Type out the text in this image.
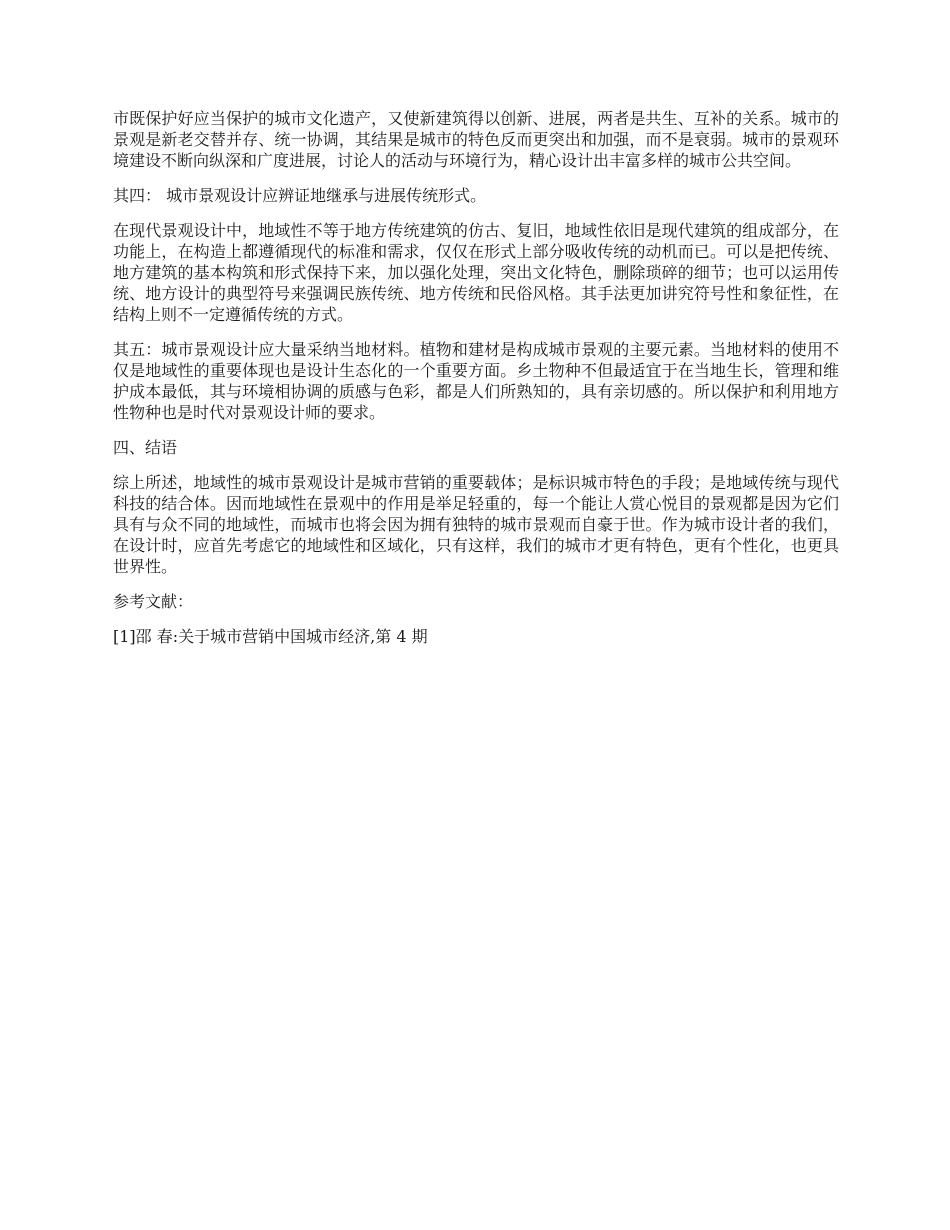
市既保护好应当保护的城市文化遗产，又使新建筑得以创新、进展，两者是共生、互补的关系。城市的景观是新老交替并存、统一协调，其结果是城市的特色反而更突出和加强，而不是衰弱。城市的景观环境建设不断向纵深和广度进展，讨论人的活动与环境行为，精心设计出丰富多样的城市公共空间。

其四： 城市景观设计应辨证地继承与进展传统形式。

在现代景观设计中，地域性不等于地方传统建筑的仿古、复旧，地域性依旧是现代建筑的组成部分，在功能上，在构造上都遵循现代的标准和需求，仅仅在形式上部分吸收传统的动机而已。可以是把传统、地方建筑的基本构筑和形式保持下来，加以强化处理，突出文化特色，删除琐碎的细节；也可以运用传统、地方设计的典型符号来强调民族传统、地方传统和民俗风格。其手法更加讲究符号性和象征性，在结构上则不一定遵循传统的方式。

其五：城市景观设计应大量采纳当地材料。植物和建材是构成城市景观的主要元素。当地材料的使用不仅是地域性的重要体现也是设计生态化的一个重要方面。乡土物种不但最适宜于在当地生长，管理和维护成本最低，其与环境相协调的质感与色彩，都是人们所熟知的，具有亲切感的。所以保护和利用地方性物种也是时代对景观设计师的要求。

四、结语

综上所述，地域性的城市景观设计是城市营销的重要载体；是标识城市特色的手段；是地域传统与现代科技的结合体。因而地域性在景观中的作用是举足轻重的，每一个能让人赏心悦目的景观都是因为它们具有与众不同的地域性，而城市也将会因为拥有独特的城市景观而自豪于世。作为城市设计者的我们，在设计时，应首先考虑它的地域性和区域化，只有这样，我们的城市才更有特色，更有个性化，也更具世界性。

参考文献：

[1]邵 春:关于城市营销中国城市经济,第 4 期
